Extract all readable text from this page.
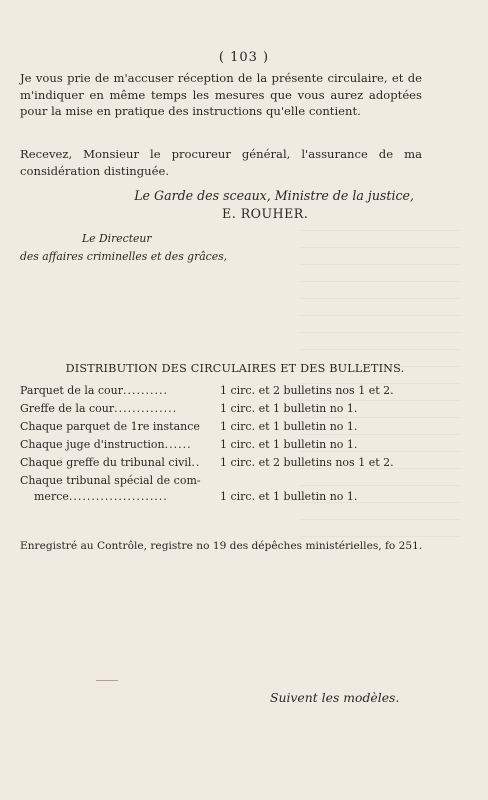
( 103 )
Je vous prie de m'accuser réception de la présente circulaire, et de m'indiquer en même temps les mesures que vous aurez adoptées pour la mise en pratique des instructions qu'elle contient.
Recevez, Monsieur le procureur général, l'assurance de ma considération distinguée.
Le Garde des sceaux, Ministre de la justice,
E. ROUHER.
Le Directeur
des affaires criminelles et des grâces,
DISTRIBUTION DES CIRCULAIRES ET DES BULLETINS.
Parquet de la cour..........	1 circ. et 2 bulletins nos 1 et 2.
Greffe de la cour..............	1 circ. et 1 bulletin no 1.
Chaque parquet de 1re instance	1 circ. et 1 bulletin no 1.
Chaque juge d'instruction......	1 circ. et 1 bulletin no 1.
Chaque greffe du tribunal civil..	1 circ. et 2 bulletins nos 1 et 2.
Chaque tribunal spécial de com-
merce......................	1 circ. et 1 bulletin no 1.
Enregistré au Contrôle, registre no 19 des dépêches ministérielles, fo 251.
Suivent les modèles.
